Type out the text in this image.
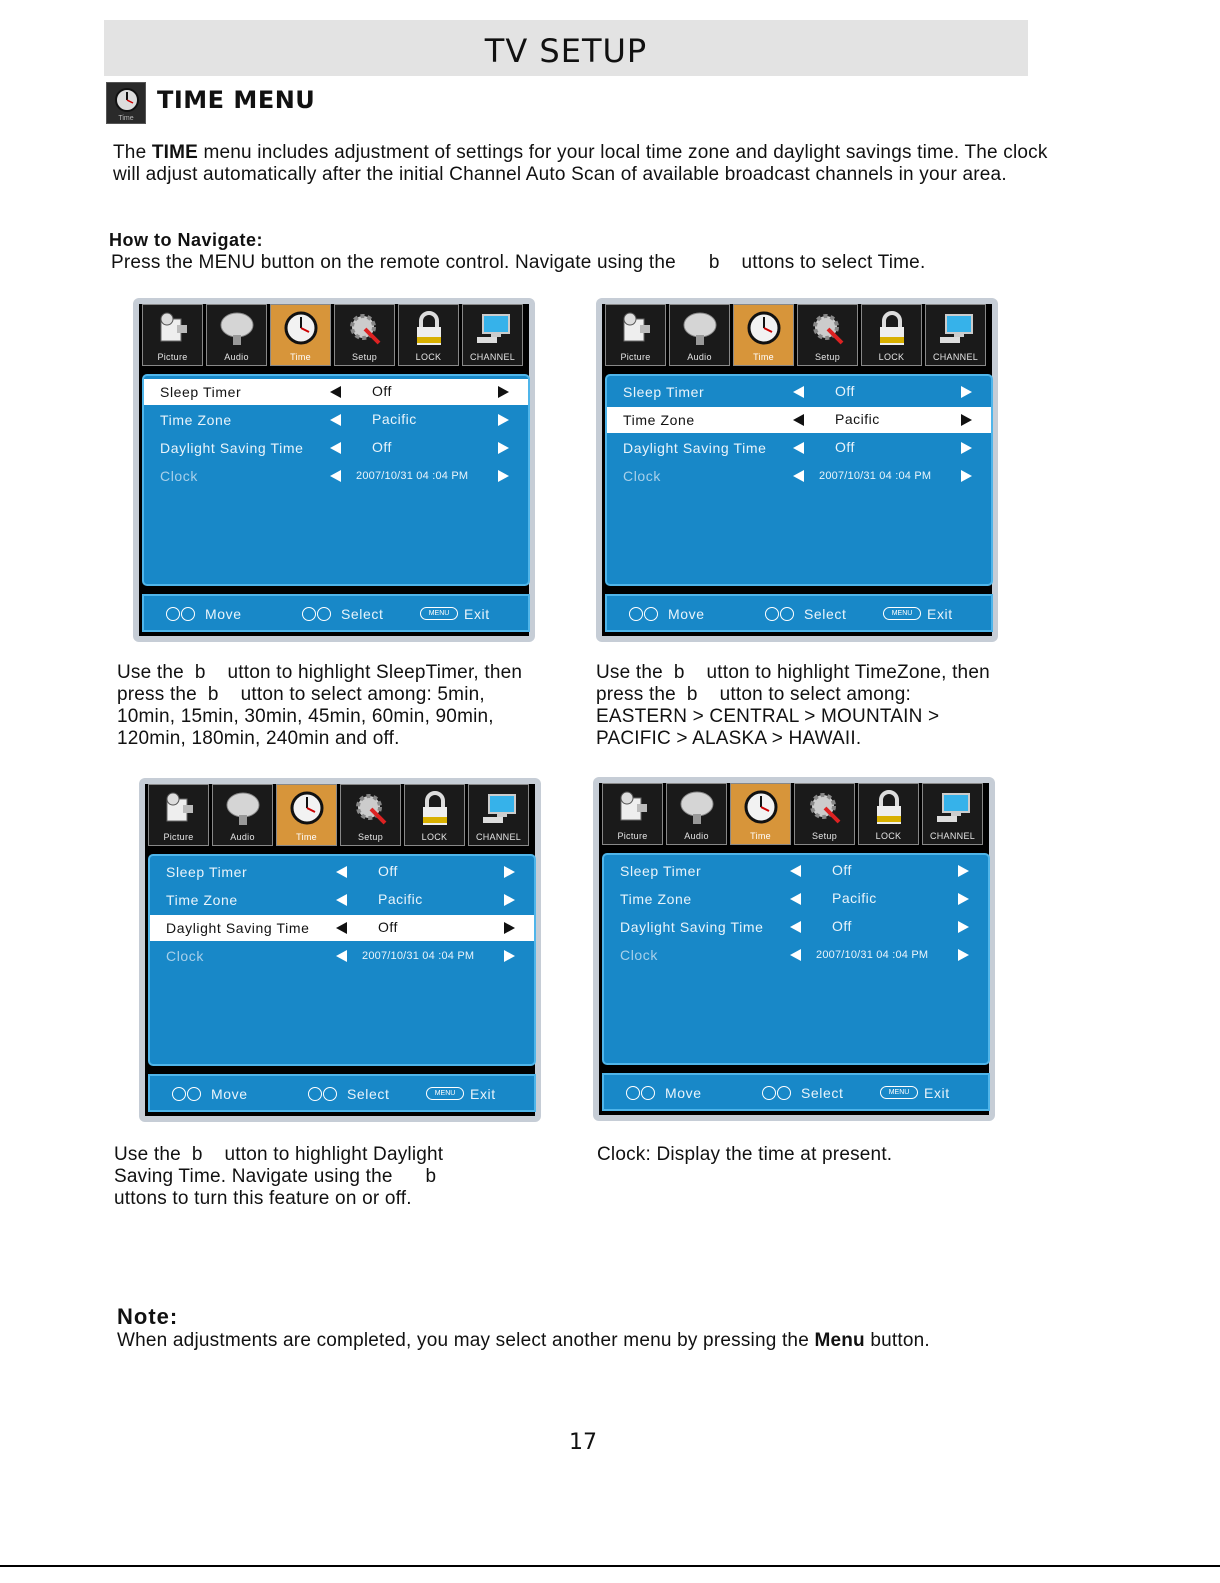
TV SETUP
Time
TIME MENU
The TIME menu includes adjustment of settings for your local time zone and daylight savings time. The clock will adjust automatically after the initial Channel Auto Scan of available broadcast channels in your area.
How to Navigate:
Press the MENU button on the remote control. Navigate using the      b    uttons to select Time.
Picture	Audio	Time	Setup	LOCK	CHANNEL
Sleep Timer	Off
Time Zone	Pacific
Daylight Saving Time	Off
Clock	2007/10/31 04 :04 PM
Move	Select	MENU	Exit
Picture	Audio	Time	Setup	LOCK	CHANNEL
Sleep Timer	Off
Time Zone	Pacific
Daylight Saving Time	Off
Clock	2007/10/31 04 :04 PM
Move	Select	MENU	Exit
Picture	Audio	Time	Setup	LOCK	CHANNEL
Sleep Timer	Off
Time Zone	Pacific
Daylight Saving Time	Off
Clock	2007/10/31 04 :04 PM
Move	Select	MENU	Exit
Picture	Audio	Time	Setup	LOCK	CHANNEL
Sleep Timer	Off
Time Zone	Pacific
Daylight Saving Time	Off
Clock	2007/10/31 04 :04 PM
Move	Select	MENU	Exit
Use the  b    utton to highlight SleepTimer, then press the  b    utton to select among: 5min, 10min, 15min, 30min, 45min, 60min, 90min, 120min, 180min, 240min and off.
Use the  b    utton to highlight TimeZone, then press the  b    utton to select among: EASTERN > CENTRAL > MOUNTAIN > PACIFIC > ALASKA > HAWAII.
Use the  b    utton to highlight Daylight Saving Time. Navigate using the      b    uttons to turn this feature on or off.
Clock: Display the time at present.
Note:
When adjustments are completed, you may select another menu by pressing the Menu button.
17
